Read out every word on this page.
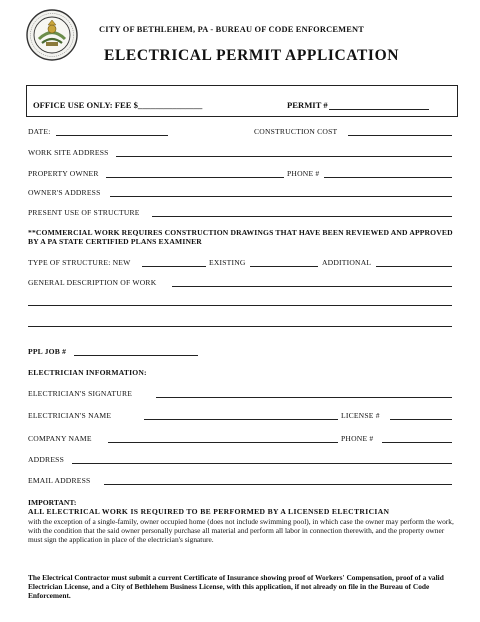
CITY OF BETHLEHEM, PA - BUREAU OF CODE ENFORCEMENT
ELECTRICAL PERMIT APPLICATION
OFFICE USE ONLY: FEE $_______________	PERMIT #
DATE:	CONSTRUCTION COST
WORK SITE ADDRESS
PROPERTY OWNER	PHONE #
OWNER'S ADDRESS
PRESENT USE OF STRUCTURE
**COMMERCIAL WORK REQUIRES CONSTRUCTION DRAWINGS THAT HAVE BEEN REVIEWED AND APPROVED BY A PA STATE CERTIFIED PLANS EXAMINER
TYPE OF STRUCTURE: NEW	EXISTING	ADDITIONAL
GENERAL DESCRIPTION OF WORK
PPL JOB #
ELECTRICIAN INFORMATION:
ELECTRICIAN'S SIGNATURE
ELECTRICIAN'S NAME	LICENSE #
COMPANY NAME	PHONE #
ADDRESS
EMAIL ADDRESS
IMPORTANT:
ALL ELECTRICAL WORK IS REQUIRED TO BE PERFORMED BY A LICENSED ELECTRICIAN
with the exception of a single-family, owner occupied home (does not include swimming pool), in which case the owner may perform the work, with the condition that the said owner personally purchase all material and perform all labor in connection therewith, and the property owner must sign the application in place of the electrician's signature.
The Electrical Contractor must submit a current Certificate of Insurance showing proof of Workers' Compensation, proof of a valid Electrician License, and a City of Bethlehem Business License, with this application, if not already on file in the Bureau of Code Enforcement.
